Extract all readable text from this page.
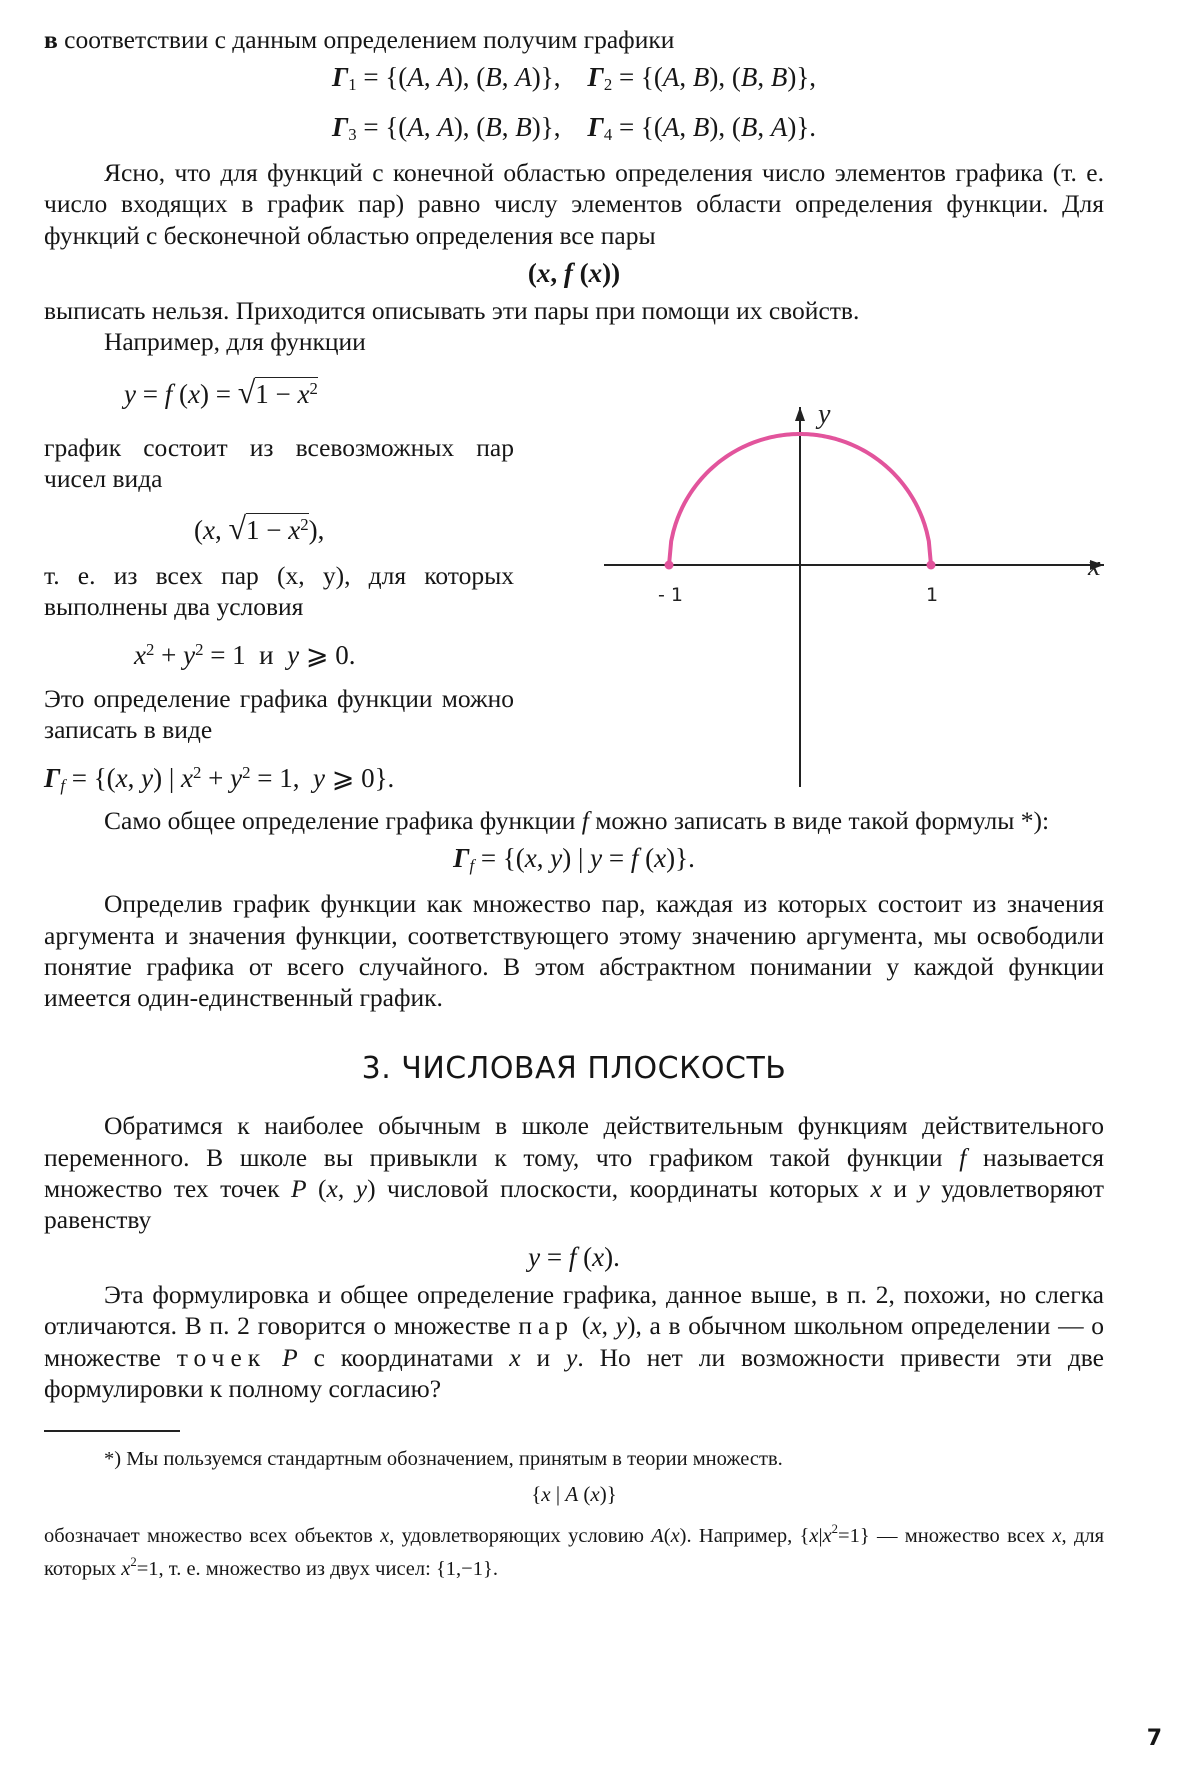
в соответствии с данным определением получим графики

$\Gamma_1 = \{(A$, A), (B, A)},    $\Gamma_2 = \{(A$, B), (B, B)},
$\Gamma_3 = \{(A$, A), (B, B)},    $\Gamma_4 = \{(A$, B), (B, A)}.

Ясно, что для функций с конечной областью определения число элементов графика (т. е. число входящих в график пар) равно числу элементов области определения функции. Для функций с бесконечной областью определения все пары

(x, f (x))

выписать нельзя. Приходится описывать эти пары при помощи их свойств.

Например, для функции

y = f $(x) = √1 - x^2$

график состоит из всевозможных пар чисел вида

(x, $√1 - x^2$),

т. е. из всех пар (x, y), для которых выполнены два условия

$x^2 + y^2 = 1$  и  y ⩾ 0.

Это определение графика функции можно записать в виде

$\Gamma_f = \{(x$, y) | $x^2 + y^2 = 1$,  y ⩾ 0}.
y
x
- 1	1

Само общее определение графика функции f можно записать в виде такой формулы *):

$\Gamma_f = \{(x$, y) | y = f (x)}.

Определив график функции как множество пар, каждая из которых состоит из значения аргумента и значения функции, соответствующего этому значению аргумента, мы освободили понятие графика от всего случайного. В этом абстрактном понимании у каждой функции имеется один-единственный график.

3. ЧИСЛОВАЯ ПЛОСКОСТЬ

Обратимся к наиболее обычным в школе действительным функциям действительного переменного. В школе вы привыкли к тому, что графиком такой функции f называется множество тех точек P (x, y) числовой плоскости, координаты которых x и y удовлетворяют равенству

y = f (x).

Эта формулировка и общее определение графика, данное выше, в п. 2, похожи, но слегка отличаются. В п. 2 говорится о множестве пар (x, y), а в обычном школьном определении — о множестве точек P с координатами x и y. Но нет ли возможности привести эти две формулировки к полному согласию?

*) Мы пользуемся стандартным обозначением, принятым в теории множеств.

{x | A (x)}

обозначает множество всех объектов x, удовлетворяющих условию A(x). Например, $\{x|x^2=1\}$ — множество всех x, для которых $x^2=1$, т. е. множество из двух чисел: {1,−1}.

7
